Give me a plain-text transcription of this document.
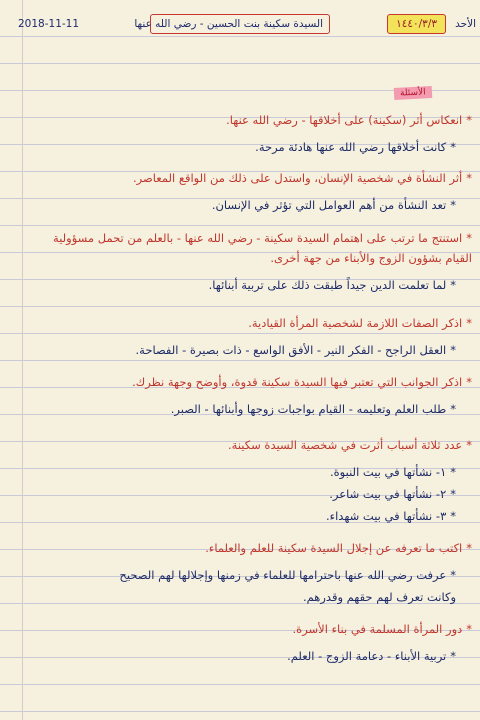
الأحد
١٤٤٠/٣/٣
السيدة سكينة بنت الحسين - رضي الله عنها
2018-11-11
الأسئلة
*انعكاس أثر (سكينة) على أخلاقها - رضي الله عنها.
*كانت أخلاقها رضي الله عنها هادئة مرحة.
*أثر النشأة في شخصية الإنسان، واستدل على ذلك من الواقع المعاصر.
*تعد النشأة من أهم العوامل التي تؤثر في الإنسان.
*استنتج ما ترتب على اهتمام السيدة سكينة - رضي الله عنها - بالعلم من تحمل مسؤولية
القيام بشؤون الزوج والأبناء من جهة أخرى.
*لما تعلمت الدين جيداً طبقت ذلك على تربية أبنائها.
*اذكر الصفات اللازمة لشخصية المرأة القيادية.
*العقل الراجح - الفكر النير - الأفق الواسع - ذات بصيرة - الفصاحة.
*اذكر الجوانب التي تعتبر فيها السيدة سكينة قدوة، وأوضح وجهة نظرك.
*طلب العلم وتعليمه - القيام بواجبات زوجها وأبنائها - الصبر.
*عدد ثلاثة أسباب أثرت في شخصية السيدة سكينة.
*١- نشأتها في بيت النبوة.
*٢- نشأتها في بيت شاعر.
*٣- نشأتها في بيت شهداء.
*اكتب ما تعرفه عن إجلال السيدة سكينة للعلم والعلماء.
*عرفت رضي الله عنها باحترامها للعلماء في زمنها وإجلالها لهم الصحيح
وكانت تعرف لهم حقهم وقدرهم.
*دور المرأة المسلمة في بناء الأسرة.
*تربية الأبناء - دعامة الزوج - العلم.
